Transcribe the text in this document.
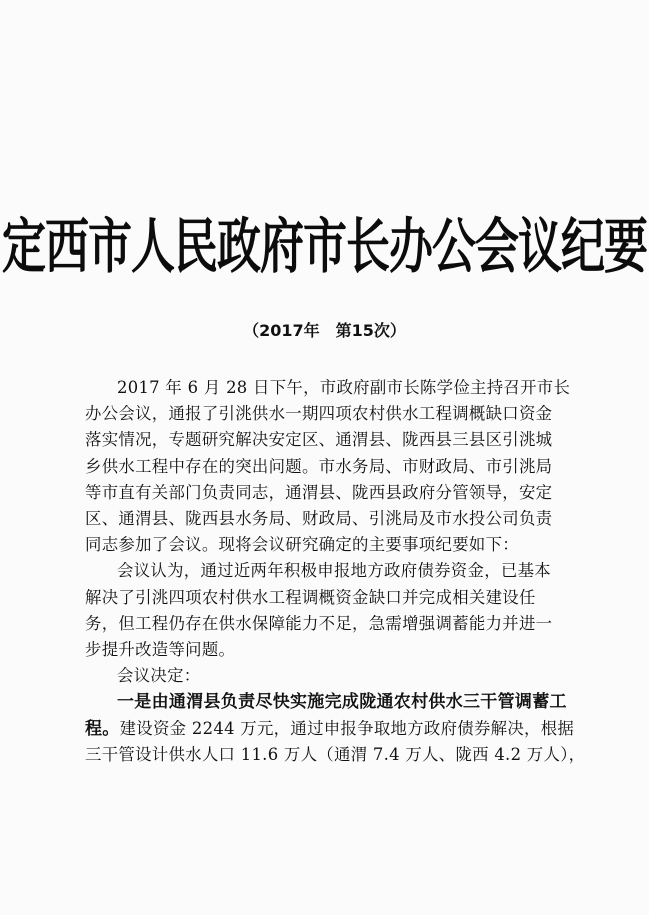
定西市人民政府市长办公会议纪要
（2017年　第15次）

2017 年 6 月 28 日下午，市政府副市长陈学俭主持召开市长
办公会议，通报了引洮供水一期四项农村供水工程调概缺口资金
落实情况，专题研究解决安定区、通渭县、陇西县三县区引洮城
乡供水工程中存在的突出问题。市水务局、市财政局、市引洮局
等市直有关部门负责同志，通渭县、陇西县政府分管领导，安定
区、通渭县、陇西县水务局、财政局、引洮局及市水投公司负责
同志参加了会议。现将会议研究确定的主要事项纪要如下：

会议认为，通过近两年积极申报地方政府债券资金，已基本
解决了引洮四项农村供水工程调概资金缺口并完成相关建设任
务，但工程仍存在供水保障能力不足，急需增强调蓄能力并进一
步提升改造等问题。

会议决定：

一是由通渭县负责尽快实施完成陇通农村供水三干管调蓄工
程。建设资金 2244 万元，通过申报争取地方政府债券解决，根据
三干管设计供水人口 11.6 万人（通渭 7.4 万人、陇西 4.2 万人），
